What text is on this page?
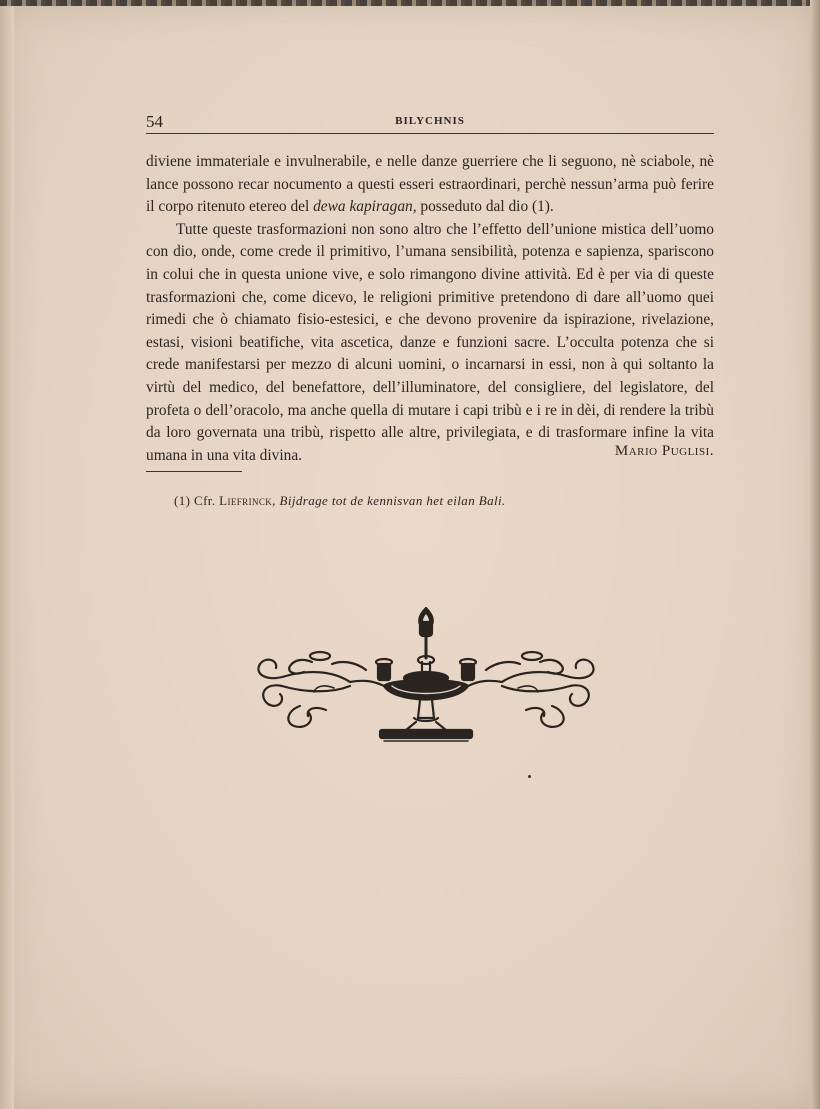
54	BILYCHNIS

diviene immateriale e invulnerabile, e nelle danze guerriere che li seguono, nè sciabole, nè lance possono recar nocumento a questi esseri estraordinari, perchè nessun’arma può ferire il corpo ritenuto etereo del dewa kapiragan, posseduto dal dio (1).

Tutte queste trasformazioni non sono altro che l’effetto dell’unione mistica dell’uomo con dio, onde, come crede il primitivo, l’umana sensibilità, potenza e sapienza, spariscono in colui che in questa unione vive, e solo rimangono divine attività. Ed è per via di queste trasformazioni che, come dicevo, le religioni primitive pretendono di dare all’uomo quei rimedi che ò chiamato fisio-estesici, e che devono provenire da ispirazione, rivelazione, estasi, visioni beatifiche, vita ascetica, danze e funzioni sacre. L’occulta potenza che si crede manifestarsi per mezzo di alcuni uomini, o incarnarsi in essi, non à qui soltanto la virtù del medico, del benefattore, dell’illuminatore, del consigliere, del legislatore, del profeta o dell’oracolo, ma anche quella di mutare i capi tribù e i re in dèi, di rendere la tribù da loro governata una tribù, rispetto alle altre, privilegiata, e di trasformare infine la vita umana in una vita divina.	Mario Puglisi.
(1) Cfr. Liefrinck, Bijdrage tot de kennisvan het eilan Bali.
